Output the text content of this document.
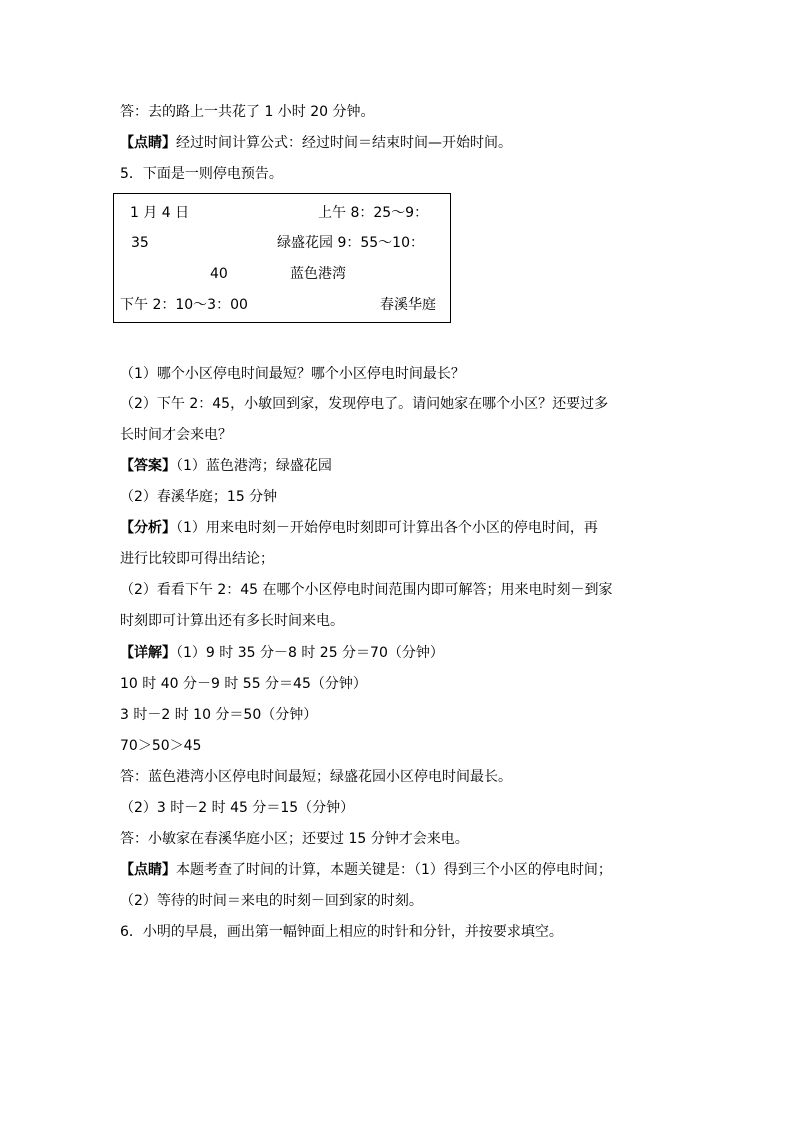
答：去的路上一共花了 1 小时 20 分钟。
【点睛】经过时间计算公式：经过时间＝结束时间—开始时间。
5．下面是一则停电预告。
1 月 4 日	上午 8：25～9：
35	绿盛花园 9：55～10：
40	蓝色港湾
下午 2：10～3：00	春溪华庭
（1）哪个小区停电时间最短？哪个小区停电时间最长？
（2）下午 2：45，小敏回到家，发现停电了。请问她家在哪个小区？还要过多
长时间才会来电？
【答案】（1）蓝色港湾；绿盛花园
（2）春溪华庭；15 分钟
【分析】（1）用来电时刻－开始停电时刻即可计算出各个小区的停电时间，再
进行比较即可得出结论；
（2）看看下午 2：45 在哪个小区停电时间范围内即可解答；用来电时刻－到家
时刻即可计算出还有多长时间来电。
【详解】（1）9 时 35 分－8 时 25 分＝70（分钟）
10 时 40 分－9 时 55 分＝45（分钟）
3 时－2 时 10 分＝50（分钟）
70＞50＞45
答：蓝色港湾小区停电时间最短；绿盛花园小区停电时间最长。
（2）3 时－2 时 45 分＝15（分钟）
答：小敏家在春溪华庭小区；还要过 15 分钟才会来电。
【点睛】本题考查了时间的计算，本题关键是：（1）得到三个小区的停电时间；
（2）等待的时间＝来电的时刻－回到家的时刻。
6．小明的早晨，画出第一幅钟面上相应的时针和分针，并按要求填空。
